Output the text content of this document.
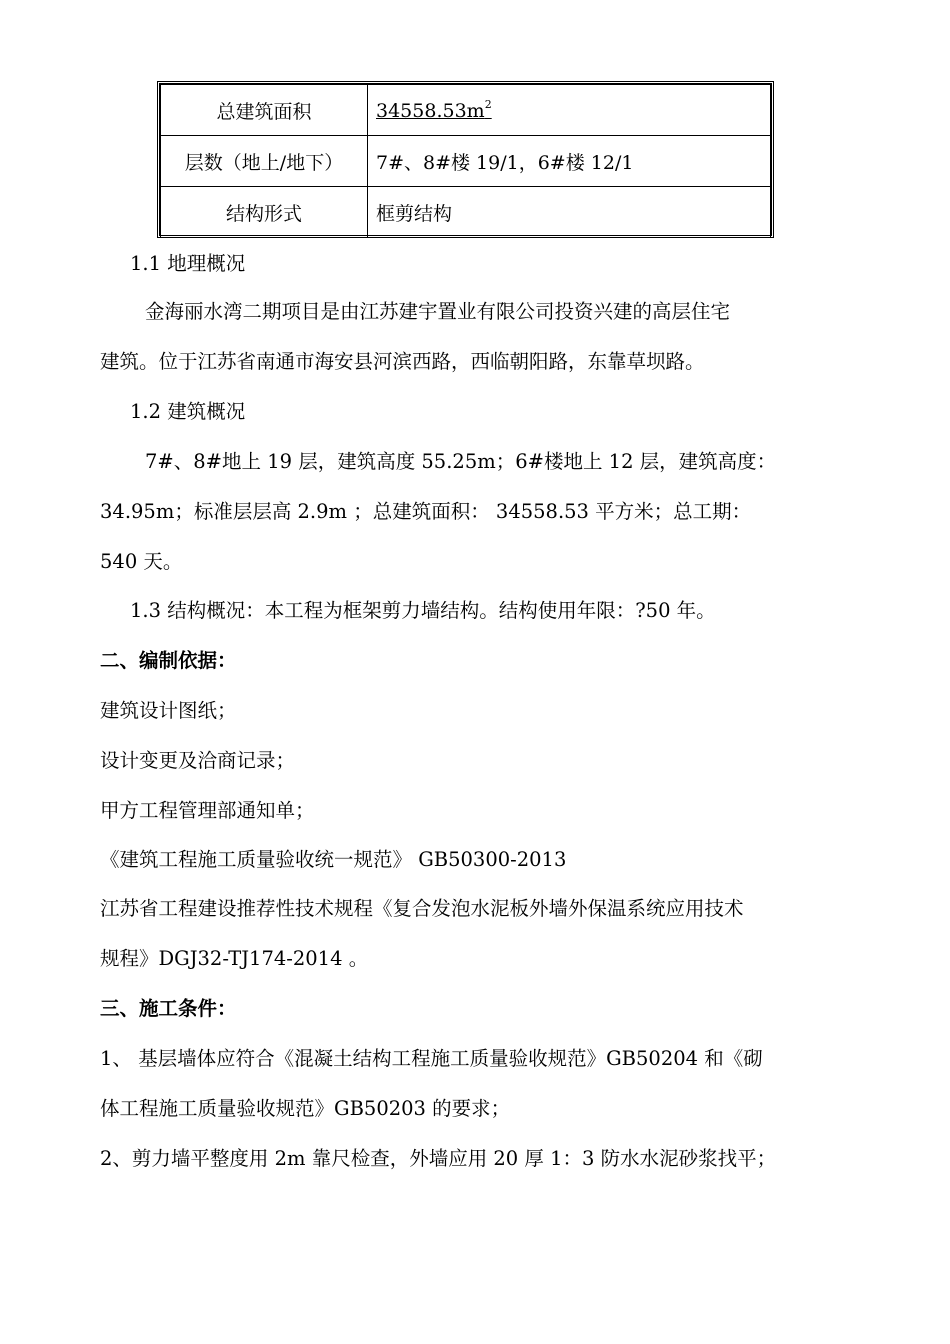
总建筑面积	$34558.53m^2$
层数（地上/地下）	7#、8#楼 19/1，6#楼 12/1
结构形式	框剪结构
1.1 地理概况
金海丽水湾二期项目是由江苏建宇置业有限公司投资兴建的高层住宅
建筑。位于江苏省南通市海安县河滨西路，西临朝阳路，东靠草坝路。
1.2 建筑概况
7#、8#地上 19 层，建筑高度 55.25m；6#楼地上 12 层，建筑高度：
34.95m；标准层层高 2.9m ；总建筑面积： 34558.53 平方米；总工期：
540 天。
1.3 结构概况：本工程为框架剪力墙结构。结构使用年限：?50 年。
二、编制依据：
建筑设计图纸；
设计变更及洽商记录；
甲方工程管理部通知单；
《建筑工程施工质量验收统一规范》 GB50300-2013
江苏省工程建设推荐性技术规程《复合发泡水泥板外墙外保温系统应用技术
规程》DGJ32-TJ174-2014 。
三、施工条件：
1、 基层墙体应符合《混凝土结构工程施工质量验收规范》GB50204 和《砌
体工程施工质量验收规范》GB50203 的要求；
2、剪力墙平整度用 2m 靠尺检查，外墙应用 20 厚 1：3 防水水泥砂浆找平；
